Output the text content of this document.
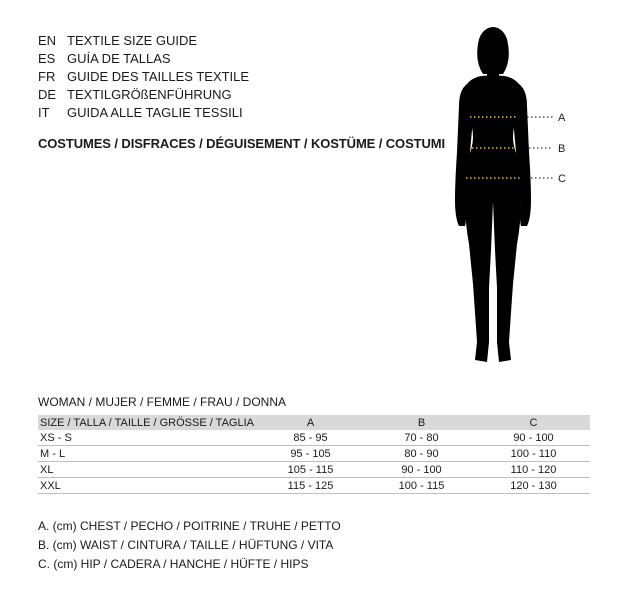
EN TEXTILE SIZE GUIDE
ES GUÍA DE TALLAS
FR GUIDE DES TAILLES TEXTILE
DE TEXTILGRÖßENFÜHRUNG
IT	GUIDA ALLE TAGLIE TESSILI
COSTUMES / DISFRACES / DÉGUISEMENT / KOSTÜME / COSTUMI
A
B
C
WOMAN / MUJER / FEMME / FRAU / DONNA
SIZE / TALLA / TAILLE / GRÖSSE / TAGLIA	A	B	C
XS - S	85 - 95	70 - 80	90 - 100
M - L	95 - 105	80 - 90	100 - 110
XL	105 - 115	90 - 100	110 - 120
XXL	115 - 125	100 - 115	120 - 130
A. (cm) CHEST / PECHO / POITRINE / TRUHE / PETTO
B. (cm) WAIST / CINTURA / TAILLE / HÜFTUNG / VITA
C. (cm) HIP / CADERA / HANCHE / HÜFTE / HIPS
